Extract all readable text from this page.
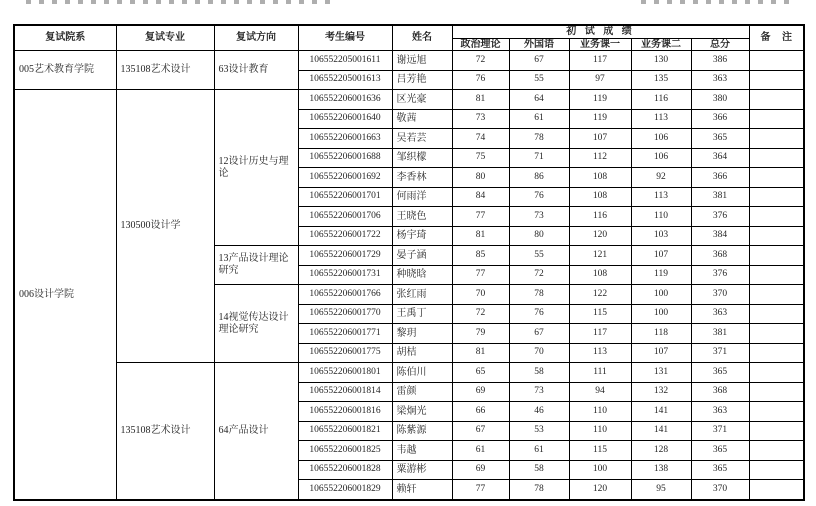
复试院系	复试专业	复试方向	考生编号	姓名	初 试 成 绩					备 注
					政治理论	外国语	业务课一	业务课二	总分	
005艺术教育学院	135108艺术设计	63设计教育	106552205001611	谢远旭	72	67	117	130	386	
			106552205001613	吕芳艳	76	55	97	135	363	
006设计学院	130500设计学	12设计历史与理论	106552206001636	区光豪	81	64	119	116	380	
			106552206001640	敬茜	73	61	119	113	366	
			106552206001663	吴若芸	74	78	107	106	365	
			106552206001688	邹织檬	75	71	112	106	364	
			106552206001692	李香林	80	86	108	92	366	
			106552206001701	何雨洋	84	76	108	113	381	
			106552206001706	王晓色	77	73	116	110	376	
			106552206001722	杨宇琦	81	80	120	103	384	
		13产品设计理论研究	106552206001729	晏子涵	85	55	121	107	368	
			106552206001731	种晓晗	77	72	108	119	376	
		14视觉传达设计理论研究	106552206001766	张红雨	70	78	122	100	370	
			106552206001770	王禹丁	72	76	115	100	363	
			106552206001771	黎玥	79	67	117	118	381	
			106552206001775	胡桔	81	70	113	107	371	
	135108艺术设计	64产品设计	106552206001801	陈伯川	65	58	111	131	365	
			106552206001814	雷颜	69	73	94	132	368	
			106552206001816	梁炯光	66	46	110	141	363	
			106552206001821	陈紫源	67	53	110	141	371	
			106552206001825	韦越	61	61	115	128	365	
			106552206001828	粟游彬	69	58	100	138	365	
			106552206001829	赖轩	77	78	120	95	370	
